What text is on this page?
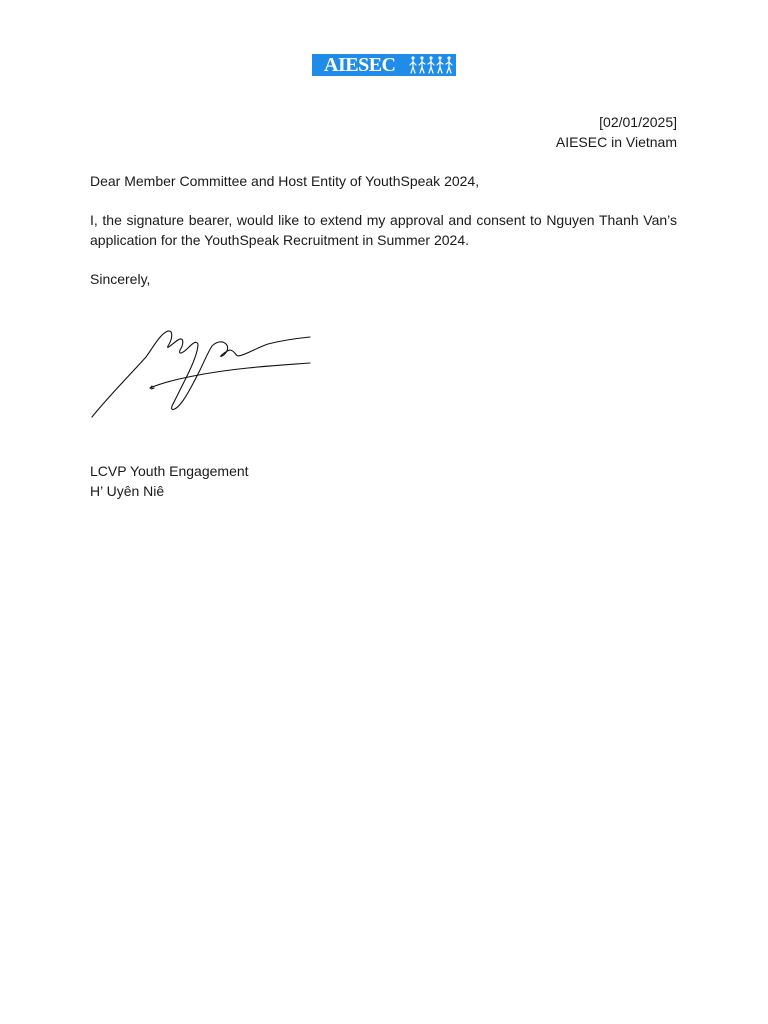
AIESEC
[02/01/2025]
AIESEC in Vietnam
Dear Member Committee and Host Entity of YouthSpeak 2024,
I, the signature bearer, would like to extend my approval and consent to Nguyen Thanh Van’s application for the YouthSpeak Recruitment in Summer 2024.
Sincerely,
LCVP Youth Engagement
H’ Uyên Niê
